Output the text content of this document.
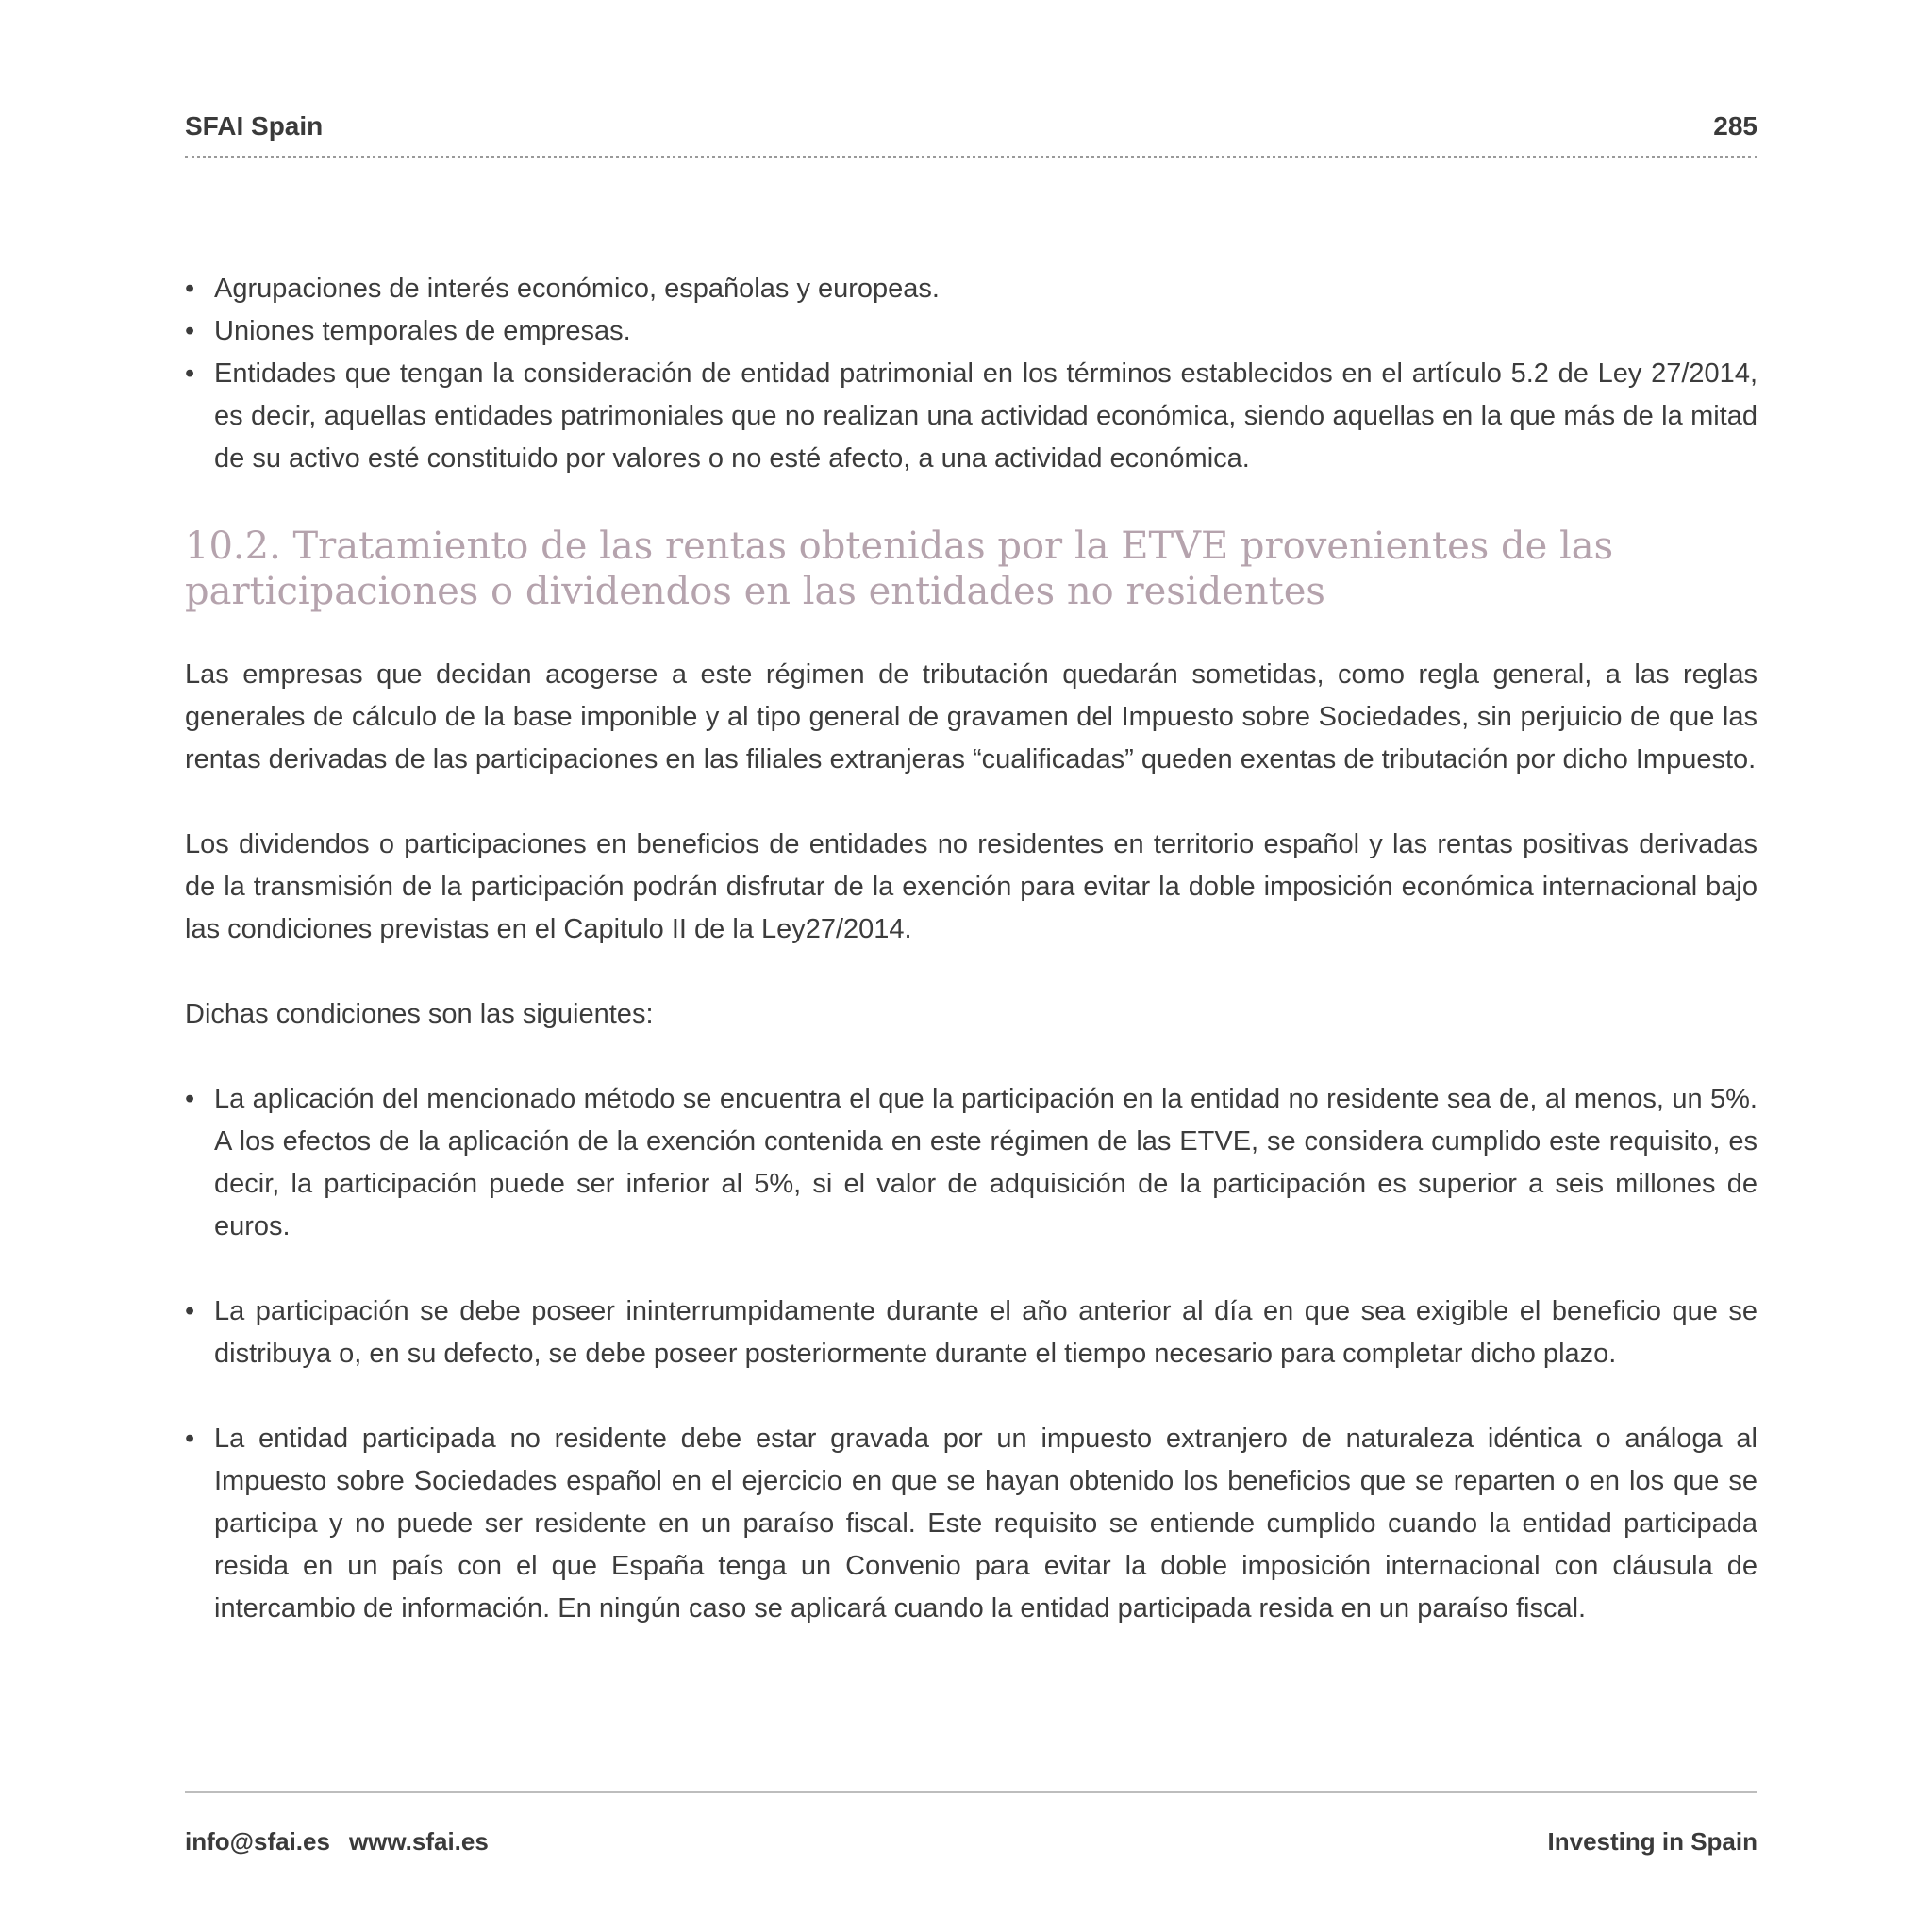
SFAI Spain	285
• Agrupaciones de interés económico, españolas y europeas.
• Uniones temporales de empresas.
• Entidades que tengan la consideración de entidad patrimonial en los términos establecidos en el artículo 5.2 de Ley 27/2014, es decir, aquellas entidades patrimoniales que no realizan una actividad económica, siendo aquellas en la que más de la mitad de su activo esté constituido por valores o no esté afecto, a una actividad económica.
10.2. Tratamiento de las rentas obtenidas por la ETVE provenientes de las participaciones o dividendos en las entidades no residentes

Las empresas que decidan acogerse a este régimen de tributación quedarán sometidas, como regla general, a las reglas generales de cálculo de la base imponible y al tipo general de gravamen del Impuesto sobre Sociedades, sin perjuicio de que las rentas derivadas de las participaciones en las filiales extranjeras “cualificadas” queden exentas de tributación por dicho Impuesto.

Los dividendos o participaciones en beneficios de entidades no residentes en territorio español y las rentas positivas derivadas de la transmisión de la participación podrán disfrutar de la exención para evitar la doble imposición económica internacional bajo las condiciones previstas en el Capitulo II de la Ley27/2014.

Dichas condiciones son las siguientes:

• La aplicación del mencionado método se encuentra el que la participación en la entidad no residente sea de, al menos, un 5%. A los efectos de la aplicación de la exención contenida en este régimen de las ETVE, se considera cumplido este requisito, es decir, la participación puede ser inferior al 5%, si el valor de adquisición de la participación es superior a seis millones de euros.
• La participación se debe poseer ininterrumpidamente durante el año anterior al día en que sea exigible el beneficio que se distribuya o, en su defecto, se debe poseer posteriormente durante el tiempo necesario para completar dicho plazo.
• La entidad participada no residente debe estar gravada por un impuesto extranjero de naturaleza idéntica o análoga al Impuesto sobre Sociedades español en el ejercicio en que se hayan obtenido los beneficios que se reparten o en los que se participa y no puede ser residente en un paraíso fiscal. Este requisito se entiende cumplido cuando la entidad participada resida en un país con el que España tenga un Convenio para evitar la doble imposición internacional con cláusula de intercambio de información. En ningún caso se aplicará cuando la entidad participada resida en un paraíso fiscal.
info@sfai.es www.sfai.es	Investing in Spain
